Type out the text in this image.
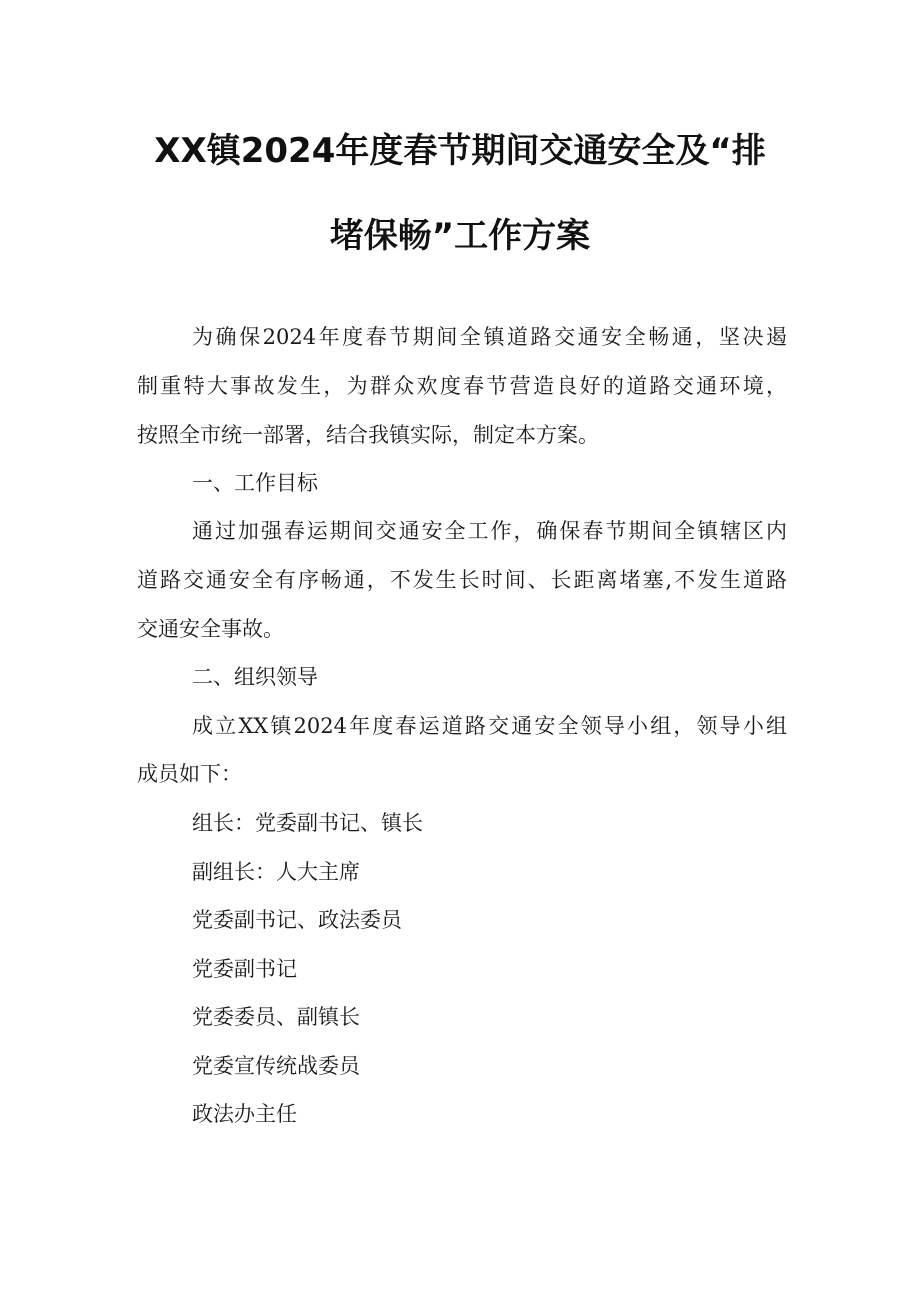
XX镇2024年度春节期间交通安全及“排
堵保畅”工作方案
为确保2024年度春节期间全镇道路交通安全畅通，坚决遏
制重特大事故发生，为群众欢度春节营造良好的道路交通环境，
按照全市统一部署，结合我镇实际，制定本方案。
一、工作目标
通过加强春运期间交通安全工作，确保春节期间全镇辖区内
道路交通安全有序畅通，不发生长时间、长距离堵塞,不发生道路
交通安全事故。
二、组织领导
成立XX镇2024年度春运道路交通安全领导小组，领导小组
成员如下：
组长：党委副书记、镇长
副组长：人大主席
党委副书记、政法委员
党委副书记
党委委员、副镇长
党委宣传统战委员
政法办主任
